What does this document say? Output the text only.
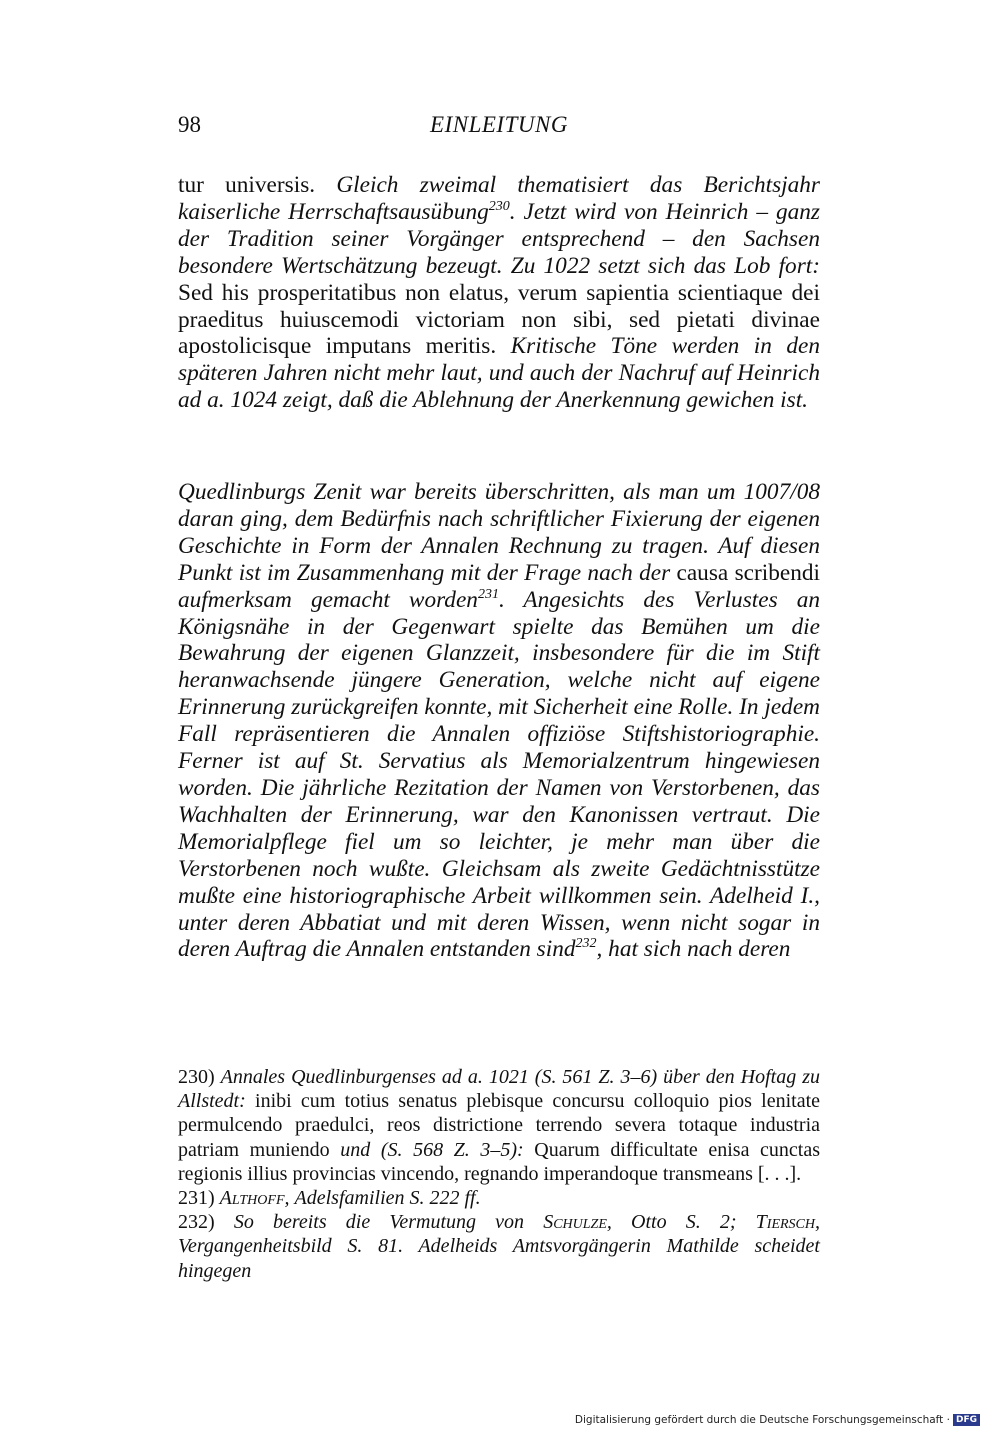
98	EINLEITUNG
tur universis. Gleich zweimal thematisiert das Berichtsjahr kaiserliche Herrschaftsausübung$^{230}$. Jetzt wird von Heinrich – ganz der Tradition seiner Vorgänger entsprechend – den Sachsen besondere Wertschätzung bezeugt. Zu 1022 setzt sich das Lob fort: Sed his prosperitatibus non elatus, verum sapientia scientiaque dei praeditus huiuscemodi victoriam non sibi, sed pietati divinae apostolicisque imputans meritis. Kritische Töne werden in den späteren Jahren nicht mehr laut, und auch der Nachruf auf Heinrich ad a. 1024 zeigt, daß die Ablehnung der Anerkennung gewichen ist.
Quedlinburgs Zenit war bereits überschritten, als man um 1007/08 daran ging, dem Bedürfnis nach schriftlicher Fixierung der eigenen Geschichte in Form der Annalen Rechnung zu tragen. Auf diesen Punkt ist im Zusammenhang mit der Frage nach der causa scribendi aufmerksam gemacht worden$^{231}$. Angesichts des Verlustes an Königsnähe in der Gegenwart spielte das Bemühen um die Bewahrung der eigenen Glanzzeit, insbesondere für die im Stift heranwachsende jüngere Generation, welche nicht auf eigene Erinnerung zurückgreifen konnte, mit Sicherheit eine Rolle. In jedem Fall repräsentieren die Annalen offiziöse Stiftshistoriographie. Ferner ist auf St. Servatius als Memorialzentrum hingewiesen worden. Die jährliche Rezitation der Namen von Verstorbenen, das Wachhalten der Erinnerung, war den Kanonissen vertraut. Die Memorialpflege fiel um so leichter, je mehr man über die Verstorbenen noch wußte. Gleichsam als zweite Gedächtnisstütze mußte eine historiographische Arbeit willkommen sein. Adelheid I., unter deren Abbatiat und mit deren Wissen, wenn nicht sogar in deren Auftrag die Annalen entstanden sind$^{232}$, hat sich nach deren

230) Annales Quedlinburgenses ad a. 1021 (S. 561 Z. 3–6) über den Hoftag zu Allstedt: inibi cum totius senatus plebisque concursu colloquio pios lenitate permulcendo praedulci, reos districtione terrendo severa totaque industria patriam muniendo und (S. 568 Z. 3–5): Quarum difficultate enisa cunctas regionis illius provincias vincendo, regnando imperandoque transmeans [. . .].

231) Althoff, Adelsfamilien S. 222 ff.

232) So bereits die Vermutung von Schulze, Otto S. 2; Tiersch, Vergangenheitsbild S. 81. Adelheids Amtsvorgängerin Mathilde scheidet hingegen

Digitalisierung gefördert durch die Deutsche Forschungsgemeinschaft · DFG
